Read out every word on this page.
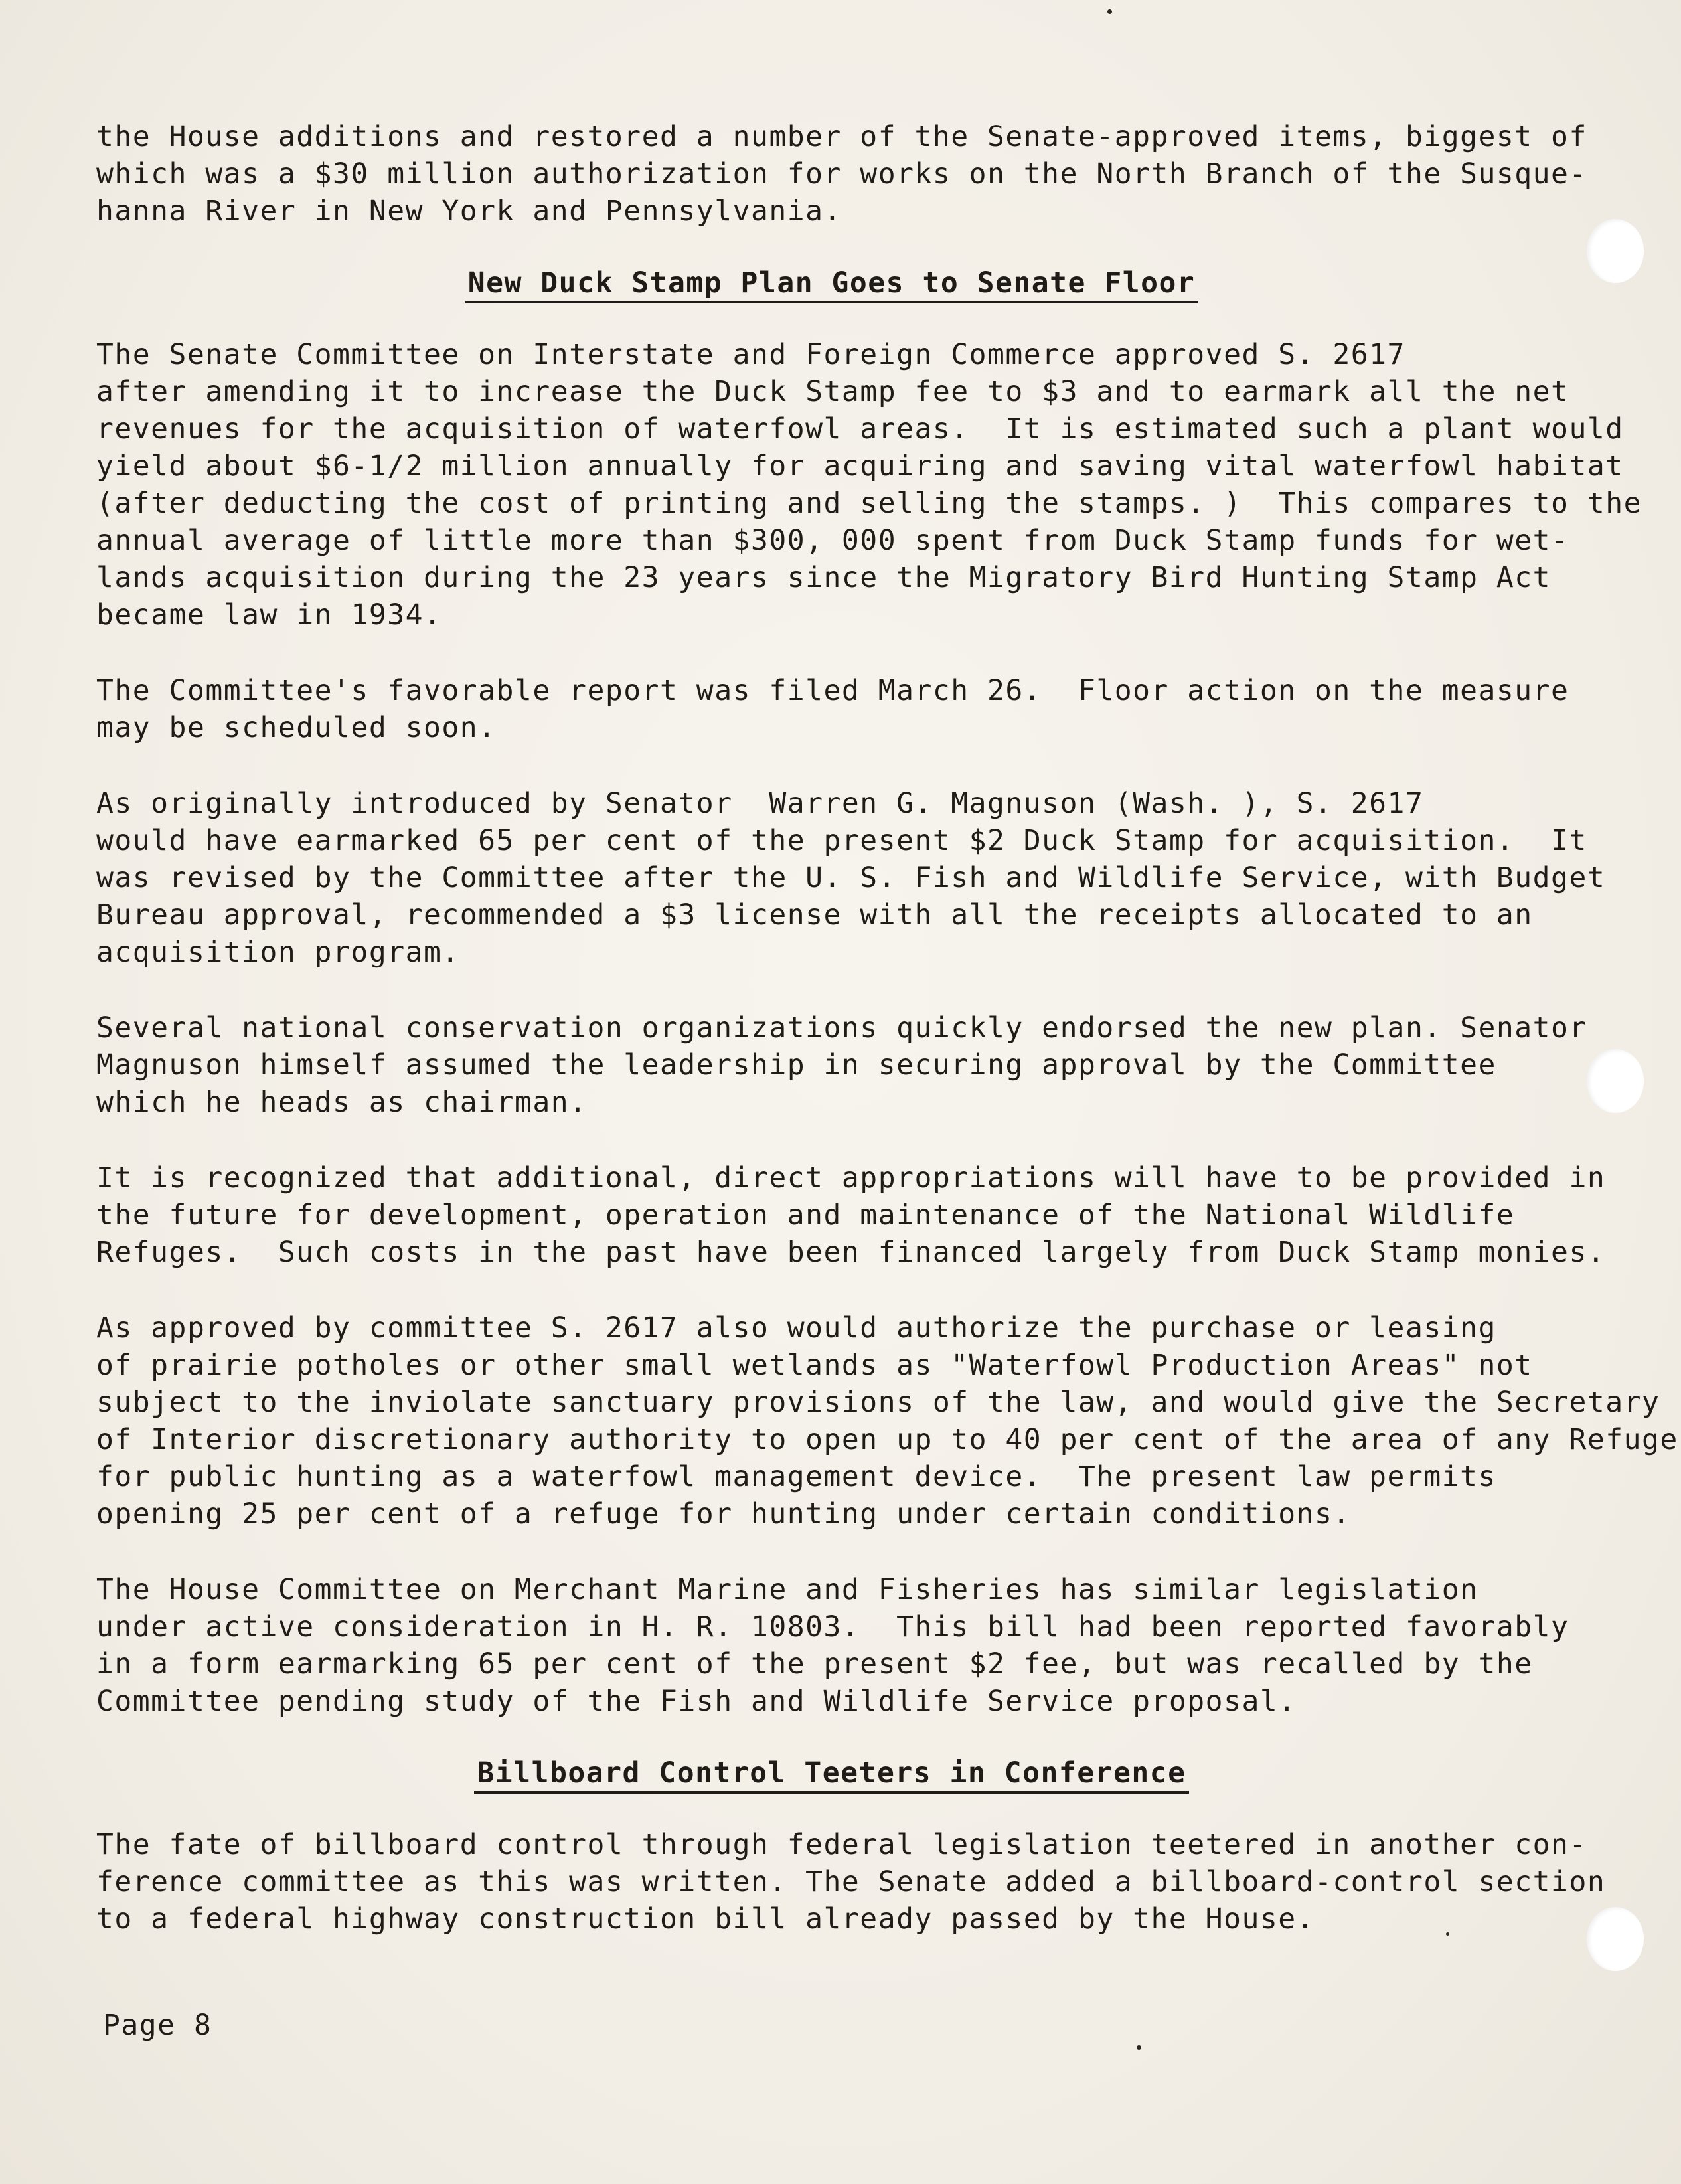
the House additions and restored a number of the Senate-approved items, biggest of
which was a $30 million authorization for works on the North Branch of the Susque-
hanna River in New York and Pennsylvania.

New Duck Stamp Plan Goes to Senate Floor

The Senate Committee on Interstate and Foreign Commerce approved S. 2617
after amending it to increase the Duck Stamp fee to $3 and to earmark all the net
revenues for the acquisition of waterfowl areas.  It is estimated such a plant would
yield about $6-1/2 million annually for acquiring and saving vital waterfowl habitat
(after deducting the cost of printing and selling the stamps. )  This compares to the
annual average of little more than $300, 000 spent from Duck Stamp funds for wet-
lands acquisition during the 23 years since the Migratory Bird Hunting Stamp Act
became law in 1934.

The Committee's favorable report was filed March 26.  Floor action on the measure
may be scheduled soon.

As originally introduced by Senator  Warren G. Magnuson (Wash. ), S. 2617
would have earmarked 65 per cent of the present $2 Duck Stamp for acquisition.  It
was revised by the Committee after the U. S. Fish and Wildlife Service, with Budget
Bureau approval, recommended a $3 license with all the receipts allocated to an
acquisition program.

Several national conservation organizations quickly endorsed the new plan. Senator
Magnuson himself assumed the leadership in securing approval by the Committee
which he heads as chairman.

It is recognized that additional, direct appropriations will have to be provided in
the future for development, operation and maintenance of the National Wildlife
Refuges.  Such costs in the past have been financed largely from Duck Stamp monies.

As approved by committee S. 2617 also would authorize the purchase or leasing
of prairie potholes or other small wetlands as "Waterfowl Production Areas" not
subject to the inviolate sanctuary provisions of the law, and would give the Secretary
of Interior discretionary authority to open up to 40 per cent of the area of any Refuge
for public hunting as a waterfowl management device.  The present law permits
opening 25 per cent of a refuge for hunting under certain conditions.

The House Committee on Merchant Marine and Fisheries has similar legislation
under active consideration in H. R. 10803.  This bill had been reported favorably
in a form earmarking 65 per cent of the present $2 fee, but was recalled by the
Committee pending study of the Fish and Wildlife Service proposal.

Billboard Control Teeters in Conference

The fate of billboard control through federal legislation teetered in another con-
ference committee as this was written. The Senate added a billboard-control section
to a federal highway construction bill already passed by the House.

Page 8
